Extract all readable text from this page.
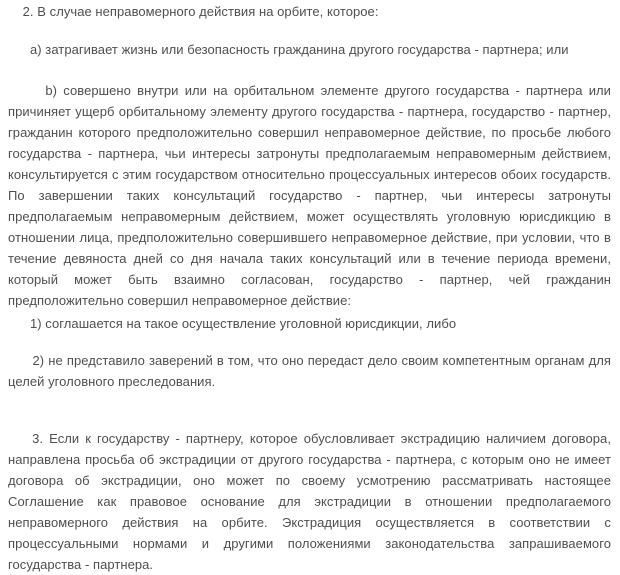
2. В случае неправомерного действия на орбите, которое:

а) затрагивает жизнь или безопасность гражданина другого государства - партнера; или

b) совершено внутри или на орбитальном элементе другого государства - партнера или причиняет ущерб орбитальному элементу другого государства - партнера, государство - партнер, гражданин которого предположительно совершил неправомерное действие, по просьбе любого государства - партнера, чьи интересы затронуты предполагаемым неправомерным действием, консультируется с этим государством относительно процессуальных интересов обоих государств. По завершении таких консультаций государство - партнер, чьи интересы затронуты предполагаемым неправомерным действием, может осуществлять уголовную юрисдикцию в отношении лица, предположительно совершившего неправомерное действие, при условии, что в течение девяноста дней со дня начала таких консультаций или в течение периода времени, который может быть взаимно согласован, государство - партнер, чей гражданин предположительно совершил неправомерное действие:

1) соглашается на такое осуществление уголовной юрисдикции, либо

2) не представило заверений в том, что оно передаст дело своим компетентным органам для целей уголовного преследования.

3. Если к государству - партнеру, которое обусловливает экстрадицию наличием договора, направлена просьба об экстрадиции от другого государства - партнера, с которым оно не имеет договора об экстрадиции, оно может по своему усмотрению рассматривать настоящее Соглашение как правовое основание для экстрадиции в отношении предполагаемого неправомерного действия на орбите. Экстрадиция осуществляется в соответствии с процессуальными нормами и другими положениями законодательства запрашиваемого государства - партнера.
